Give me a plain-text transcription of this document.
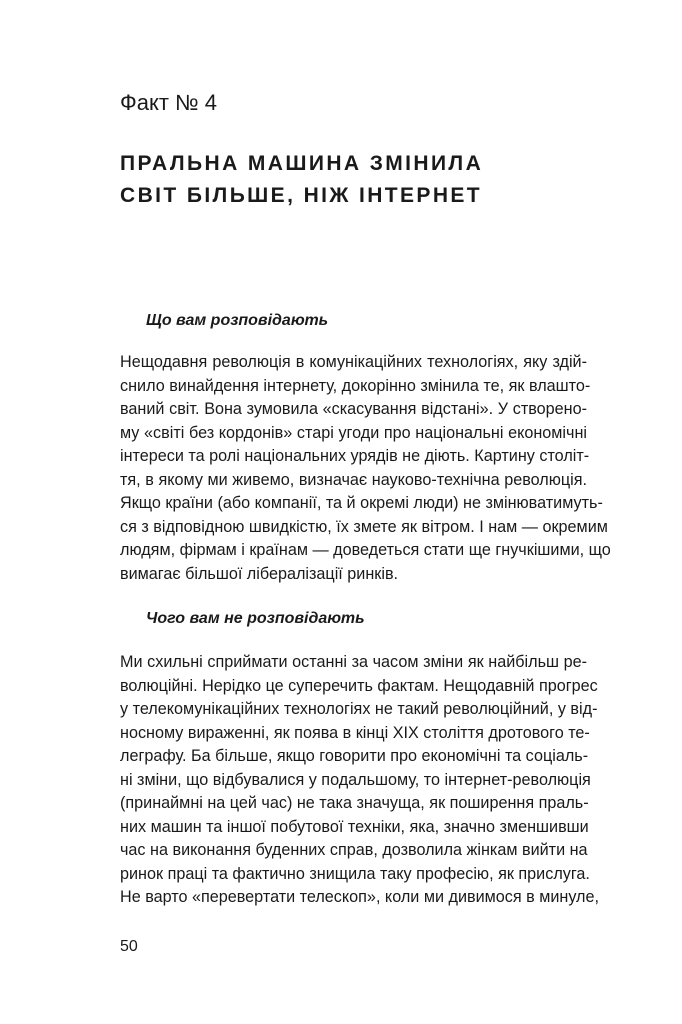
Факт № 4
ПРАЛЬНА МАШИНА ЗМІНИЛА
СВІТ БІЛЬШЕ, НІЖ ІНТЕРНЕТ
Що вам розповідають

Нещодавня революція в комунікаційних технологіях, яку здій-
снило винайдення інтернету, докорінно змінила те, як влашто-
ваний світ. Вона зумовила «скасування відстані». У створено-
му «світі без кордонів» старі угоди про національні економічні
інтереси та ролі національних урядів не діють. Картину століт-
тя, в якому ми живемо, визначає науково-технічна революція.
Якщо країни (або компанії, та й окремі люди) не змінюватимуть-
ся з відповідною швидкістю, їх змете як вітром. І нам — окремим
людям, фірмам і країнам — доведеться стати ще гнучкішими, що
вимагає більшої лібералізації ринків.

Чого вам не розповідають

Ми схильні сприймати останні за часом зміни як найбільш ре-
волюційні. Нерідко це суперечить фактам. Нещодавній прогрес
у телекомунікаційних технологіях не такий революційний, у від-
носному вираженні, як поява в кінці XIX століття дротового те-
леграфу. Ба більше, якщо говорити про економічні та соціаль-
ні зміни, що відбувалися у подальшому, то інтернет-революція
(принаймні на цей час) не така значуща, як поширення праль-
них машин та іншої побутової техніки, яка, значно зменшивши
час на виконання буденних справ, дозволила жінкам вийти на
ринок праці та фактично знищила таку професію, як прислуга.
Не варто «перевертати телескоп», коли ми дивимося в минуле,

50
